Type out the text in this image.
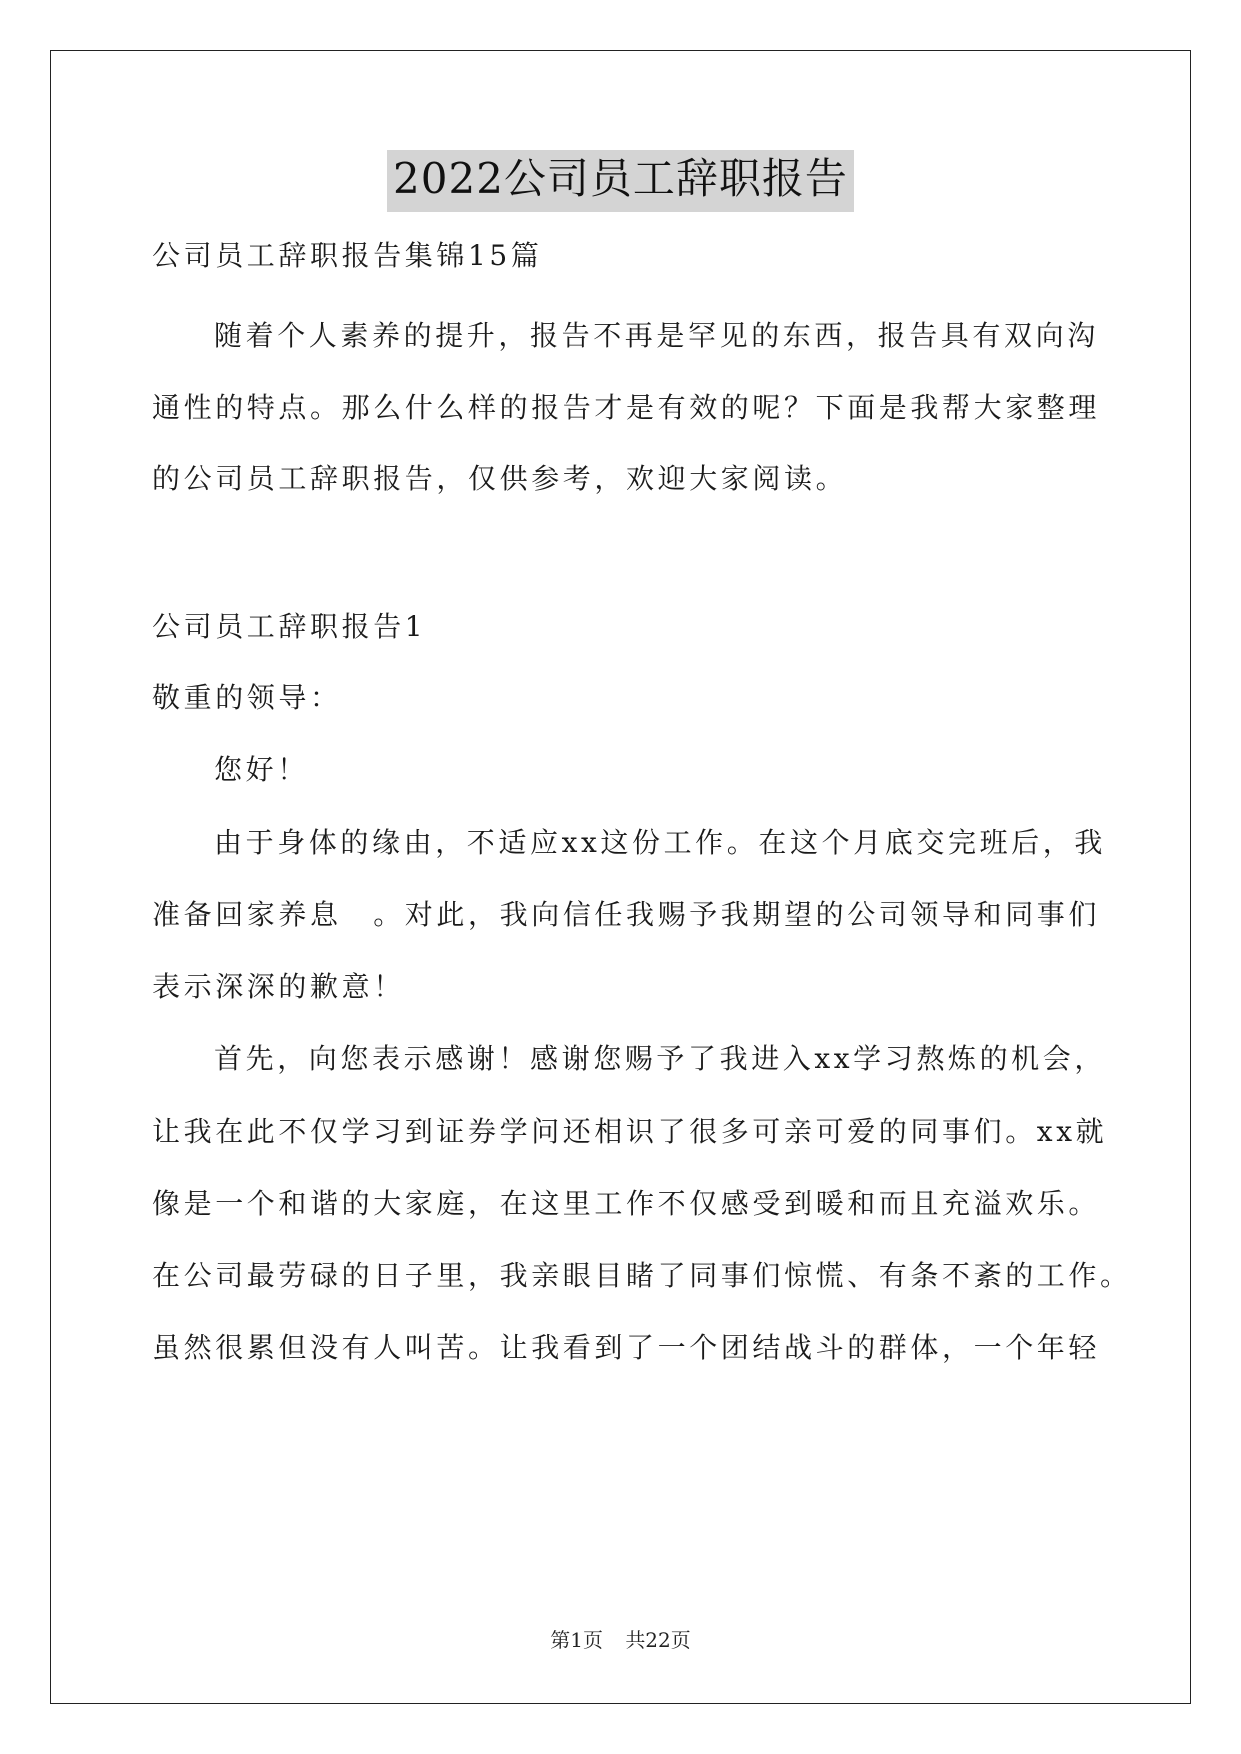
2022公司员工辞职报告
公司员工辞职报告集锦15篇
随着个人素养的提升，报告不再是罕见的东西，报告具有双向沟
通性的特点。那么什么样的报告才是有效的呢？下面是我帮大家整理
的公司员工辞职报告，仅供参考，欢迎大家阅读。
公司员工辞职报告1
敬重的领导：
您好！
由于身体的缘由，不适应xx这份工作。在这个月底交完班后，我
准备回家养息　。对此，我向信任我赐予我期望的公司领导和同事们
表示深深的歉意！
首先，向您表示感谢！感谢您赐予了我进入xx学习熬炼的机会，
让我在此不仅学习到证券学问还相识了很多可亲可爱的同事们。xx就
像是一个和谐的大家庭，在这里工作不仅感受到暖和而且充溢欢乐。
在公司最劳碌的日子里，我亲眼目睹了同事们惊慌、有条不紊的工作。
虽然很累但没有人叫苦。让我看到了一个团结战斗的群体，一个年轻
第1页 共22页
